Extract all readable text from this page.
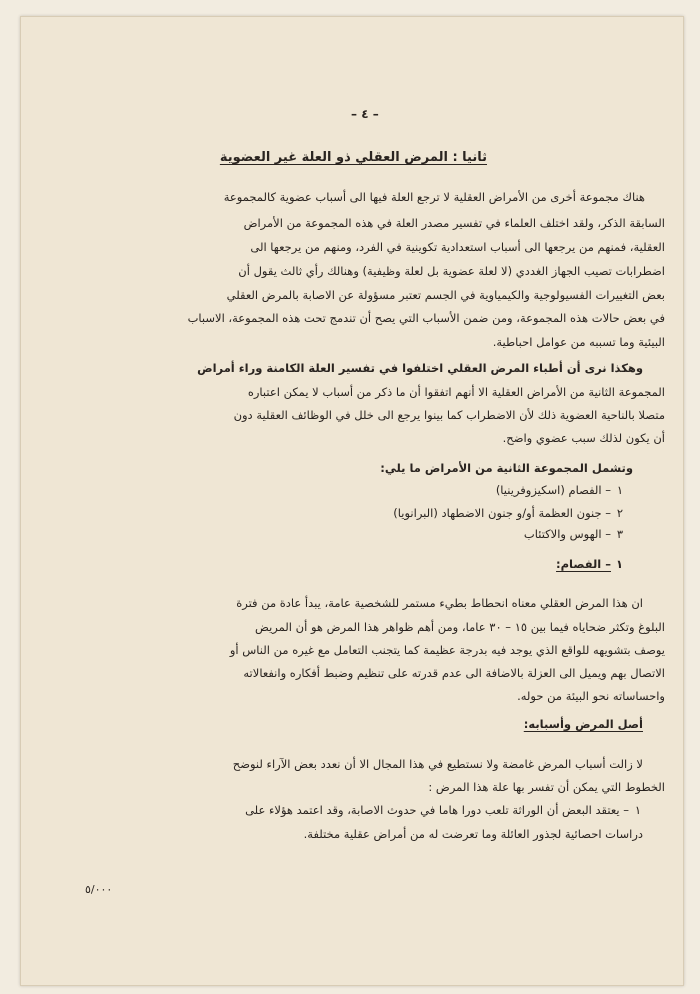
– ٤ –
ثانيا : المرض العقلي ذو العلة غير العضوية
هناك مجموعة أخرى من الأمراض العقلية لا ترجع العلة فيها الى أسباب عضوية كالمجموعة
السابقة الذكر، ولقد اختلف العلماء في تفسير مصدر العلة في هذه المجموعة من الأمراض
العقلية، فمنهم من يرجعها الى أسباب استعدادية تكوينية في الفرد، ومنهم من يرجعها الى
اضطرابات تصيب الجهاز الغددي (لا لعلة عضوية بل لعلة وظيفية) وهنالك رأي ثالث يقول أن
بعض التغييرات الفسيولوجية والكيمياوية في الجسم تعتبر مسؤولة عن الاصابة بالمرض العقلي
في بعض حالات هذه المجموعة، ومن ضمن الأسباب التي يصح أن تندمج تحت هذه المجموعة، الاسباب
البيئية وما تسببه من عوامل احباطية.
وهكذا نرى أن أطباء المرض العقلي اختلفوا في تفسير العلة الكامنة وراء أمراض
المجموعة الثانية من الأمراض العقلية الا أنهم اتفقوا أن ما ذكر من أسباب لا يمكن اعتباره
متصلا بالناحية العضوية ذلك لأن الاضطراب كما بينوا يرجع الى خلل في الوظائف العقلية دون
أن يكون لذلك سبب عضوي واضح.
وتشمل المجموعة الثانية من الأمراض ما يلي:
١
– الفصام (اسكيزوفرينيا)
٢
– جنون العظمة أو/و جنون الاضطهاد (البرانويا)
٣
– الهوس والاكتئاب
١
– الفصام:
ان هذا المرض العقلي معناه انحطاط بطيء مستمر للشخصية عامة، يبدأ عادة من فترة
البلوغ وتكثر ضحاياه فيما بين ١٥ – ٣٠ عاما، ومن أهم ظواهر هذا المرض هو أن المريض
يوصف بتشويهه للواقع الذي يوجد فيه بدرجة عظيمة كما يتجنب التعامل مع غيره من الناس أو
الاتصال بهم ويميل الى العزلة بالاضافة الى عدم قدرته على تنظيم وضبط أفكاره وانفعالاته
واحساساته نحو البيئة من حوله.
أصل المرض وأسبابه:
لا زالت أسباب المرض غامضة ولا نستطيع في هذا المجال الا أن نعدد بعض الآراء لنوضح
الخطوط التي يمكن أن تفسر بها علة هذا المرض :
١
– يعتقد البعض أن الوراثة تلعب دورا هاما في حدوث الاصابة، وقد اعتمد هؤلاء على
دراسات احصائية لجذور العائلة وما تعرضت له من أمراض عقلية مختلفة.
٥/٠٠٠
